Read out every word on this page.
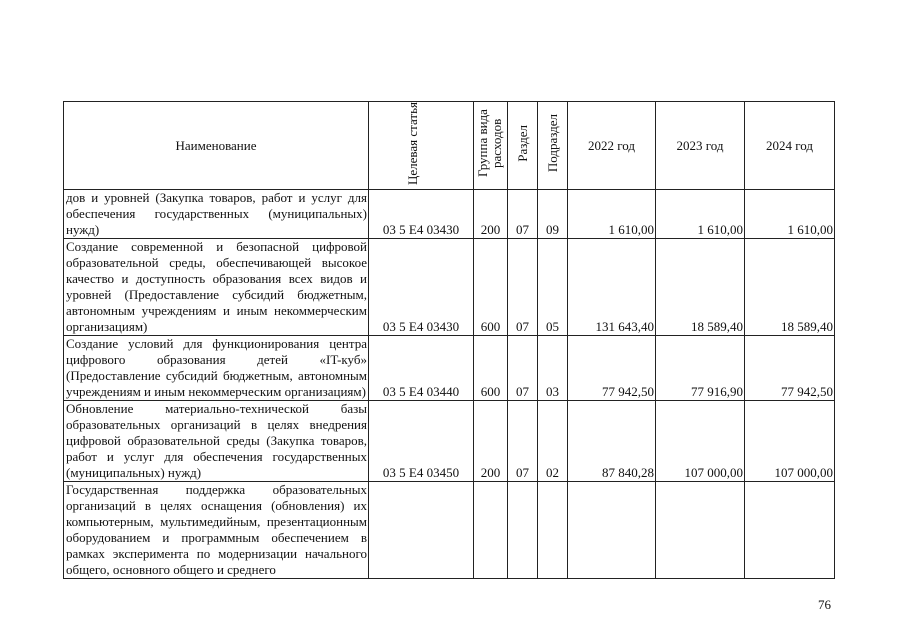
Наименование	Целевая статья	Группа вида расходов	Раздел	Подраздел	2022 год	2023 год	2024 год
дов и уровней (Закупка товаров, работ и услуг для обеспечения государственных (муниципальных) нужд)	03 5 E4 03430	200	07	09	1 610,00	1 610,00	1 610,00
Создание современной и безопасной цифровой образовательной среды, обеспечивающей высокое качество и доступность образования всех видов и уровней (Предоставление субсидий бюджетным, автономным учреждениям и иным некоммерческим организациям)	03 5 E4 03430	600	07	05	131 643,40	18 589,40	18 589,40
Создание условий для функционирования центра цифрового образования детей «IT-куб» (Предоставление субсидий бюджетным, автономным учреждениям и иным некоммерческим организациям)	03 5 E4 03440	600	07	03	77 942,50	77 916,90	77 942,50
Обновление материально-технической базы образовательных организаций в целях внедрения цифровой образовательной среды (Закупка товаров, работ и услуг для обеспечения государственных (муниципальных) нужд)	03 5 E4 03450	200	07	02	87 840,28	107 000,00	107 000,00
Государственная поддержка образовательных организаций в целях оснащения (обновления) их компьютерным, мультимедийным, презентационным оборудованием и программным обеспечением в рамках эксперимента по модернизации начального общего, основного общего и среднего							
76
